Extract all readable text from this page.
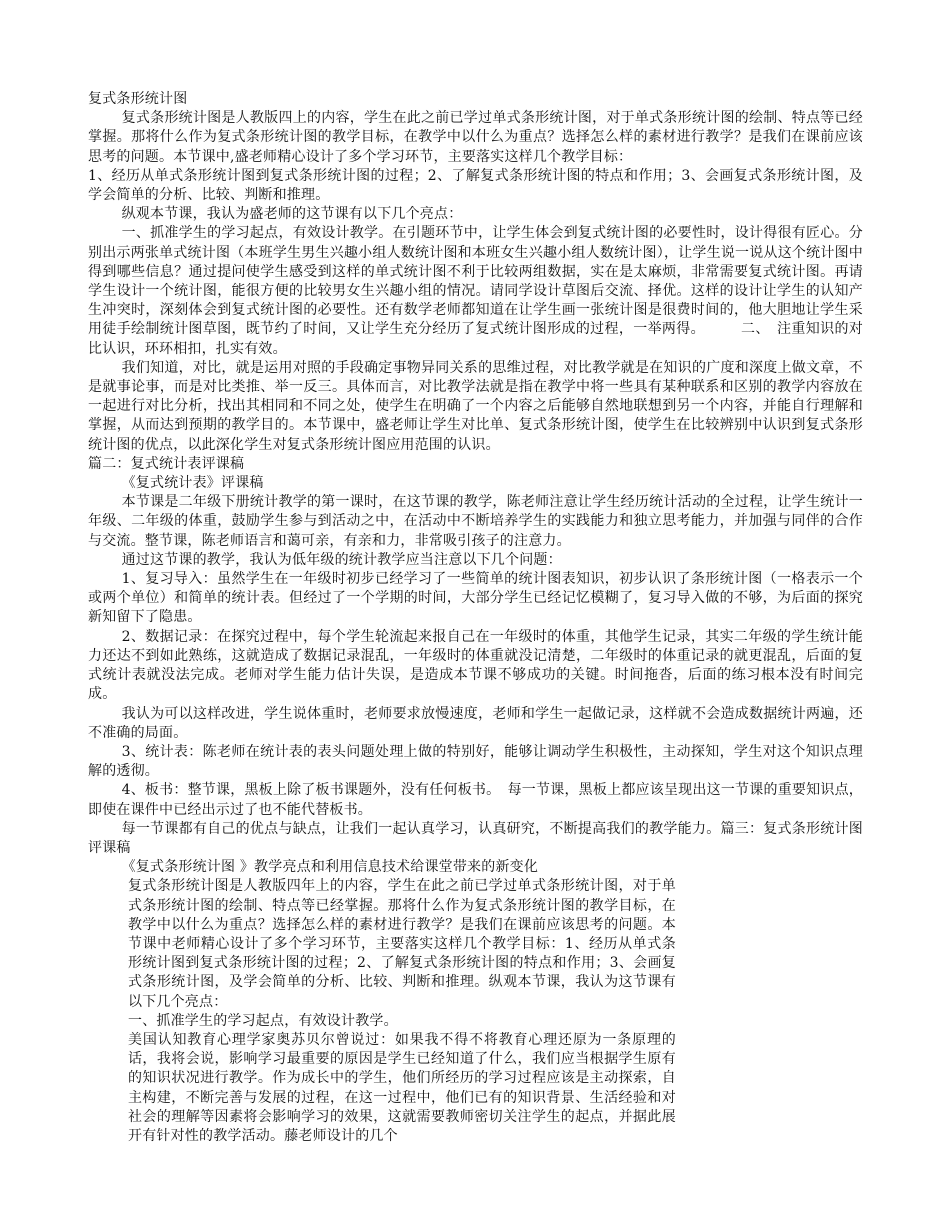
复式条形统计图

复式条形统计图是人教版四上的内容，学生在此之前已学过单式条形统计图，对于单式条形统计图的绘制、特点等已经掌握。那将什么作为复式条形统计图的教学目标，在教学中以什么为重点？选择怎么样的素材进行教学？是我们在课前应该思考的问题。本节课中,盛老师精心设计了多个学习环节，主要落实这样几个教学目标：

1、经历从单式条形统计图到复式条形统计图的过程；2、了解复式条形统计图的特点和作用；3、会画复式条形统计图，及学会简单的分析、比较、判断和推理。

纵观本节课，我认为盛老师的这节课有以下几个亮点：

一、抓准学生的学习起点，有效设计教学。在引题环节中，让学生体会到复式统计图的必要性时，设计得很有匠心。分别出示两张单式统计图（本班学生男生兴趣小组人数统计图和本班女生兴趣小组人数统计图），让学生说一说从这个统计图中得到哪些信息？通过提问使学生感受到这样的单式统计图不利于比较两组数据，实在是太麻烦，非常需要复式统计图。再请学生设计一个统计图，能很方便的比较男女生兴趣小组的情况。请同学设计草图后交流、择优。这样的设计让学生的认知产生冲突时，深刻体会到复式统计图的必要性。还有数学老师都知道在让学生画一张统计图是很费时间的，他大胆地让学生采用徒手绘制统计图草图，既节约了时间，又让学生充分经历了复式统计图形成的过程，一举两得。　　　二、　注重知识的对比认识，环环相扣，扎实有效。

我们知道，对比，就是运用对照的手段确定事物异同关系的思维过程，对比教学就是在知识的广度和深度上做文章，不是就事论事，而是对比类推、举一反三。具体而言，对比教学法就是指在教学中将一些具有某种联系和区别的教学内容放在一起进行对比分析，找出其相同和不同之处，使学生在明确了一个内容之后能够自然地联想到另一个内容，并能自行理解和掌握，从而达到预期的教学目的。本节课中，盛老师让学生对比单、复式条形统计图，使学生在比较辨别中认识到复式条形统计图的优点，以此深化学生对复式条形统计图应用范围的认识。

篇二：复式统计表评课稿

《复式统计表》评课稿

本节课是二年级下册统计教学的第一课时，在这节课的教学，陈老师注意让学生经历统计活动的全过程，让学生统计一年级、二年级的体重，鼓励学生参与到活动之中，在活动中不断培养学生的实践能力和独立思考能力，并加强与同伴的合作与交流。整节课，陈老师语言和蔼可亲，有亲和力，非常吸引孩子的注意力。

通过这节课的教学，我认为低年级的统计教学应当注意以下几个问题：

1、复习导入：虽然学生在一年级时初步已经学习了一些简单的统计图表知识，初步认识了条形统计图（一格表示一个或两个单位）和简单的统计表。但经过了一个学期的时间，大部分学生已经记忆模糊了，复习导入做的不够，为后面的探究新知留下了隐患。

2、数据记录：在探究过程中，每个学生轮流起来报自己在一年级时的体重，其他学生记录，其实二年级的学生统计能力还达不到如此熟练，这就造成了数据记录混乱，一年级时的体重就没记清楚，二年级时的体重记录的就更混乱，后面的复式统计表就没法完成。老师对学生能力估计失误，是造成本节课不够成功的关键。时间拖沓，后面的练习根本没有时间完成。

我认为可以这样改进，学生说体重时，老师要求放慢速度，老师和学生一起做记录，这样就不会造成数据统计两遍，还不准确的局面。

3、统计表：陈老师在统计表的表头问题处理上做的特别好，能够让调动学生积极性，主动探知，学生对这个知识点理解的透彻。

4、板书：整节课，黑板上除了板书课题外，没有任何板书。　每一节课，黑板上都应该呈现出这一节课的重要知识点，即使在课件中已经出示过了也不能代替板书。

每一节课都有自己的优点与缺点，让我们一起认真学习，认真研究，不断提高我们的教学能力。篇三：复式条形统计图评课稿

《复式条形统计图 》教学亮点和利用信息技术给课堂带来的新变化

复式条形统计图是人教版四年上的内容，学生在此之前已学过单式条形统计图，对于单式条形统计图的绘制、特点等已经掌握。那将什么作为复式条形统计图的教学目标，在教学中以什么为重点？选择怎么样的素材进行教学？是我们在课前应该思考的问题。本节课中老师精心设计了多个学习环节，主要落实这样几个教学目标：1、经历从单式条形统计图到复式条形统计图的过程；2、了解复式条形统计图的特点和作用；3、会画复式条形统计图，及学会简单的分析、比较、判断和推理。纵观本节课，我认为这节课有以下几个亮点：

一、抓准学生的学习起点，有效设计教学。

美国认知教育心理学家奥苏贝尔曾说过：如果我不得不将教育心理还原为一条原理的话，我将会说，影响学习最重要的原因是学生已经知道了什么，我们应当根据学生原有的知识状况进行教学。作为成长中的学生，他们所经历的学习过程应该是主动探索，自主构建，不断完善与发展的过程，在这一过程中，他们已有的知识背景、生活经验和对社会的理解等因素将会影响学习的效果，这就需要教师密切关注学生的起点，并据此展开有针对性的教学活动。藤老师设计的几个
